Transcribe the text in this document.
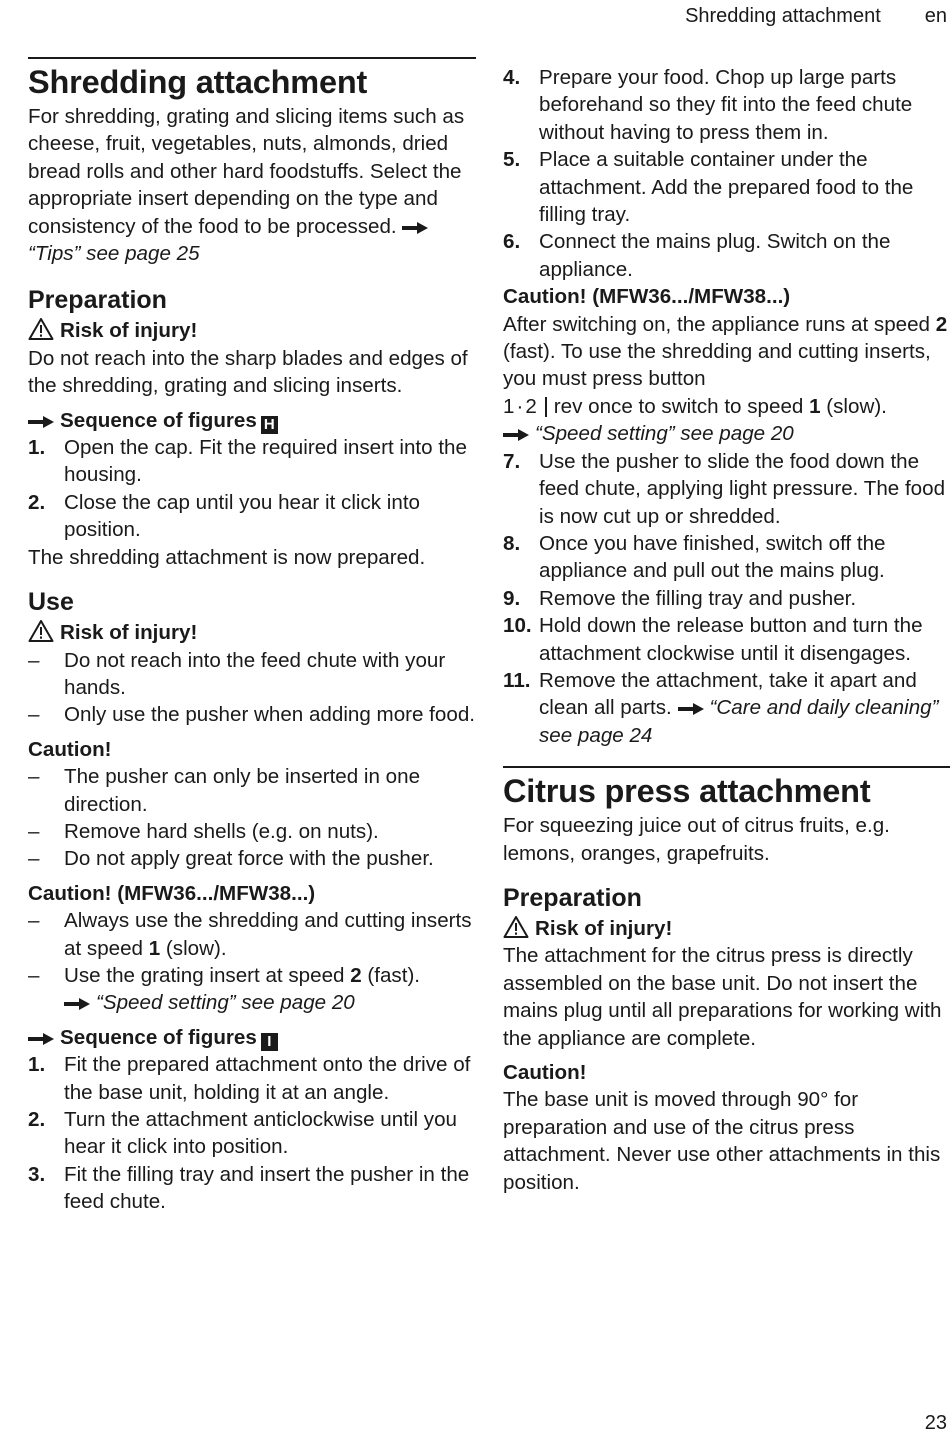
Shredding attachment en
Shredding attachment

For shredding, grating and slicing items such as cheese, fruit, vegetables, nuts, almonds, dried bread rolls and other hard foodstuffs. Select the appropriate insert depending on the type and consistency of the food to be processed. “Tips” see page 25

Preparation

Risk of injury!

Do not reach into the sharp blades and edges of the shredding, grating and slicing inserts.

Sequence of figures H

1. Open the cap. Fit the required insert into the housing.
2. Close the cap until you hear it click into position.

The shredding attachment is now prepared.

Use

Risk of injury!

–	Do not reach into the feed chute with your hands.
–	Only use the pusher when adding more food.

Caution!

–	The pusher can only be inserted in one direction.
–	Remove hard shells (e.g. on nuts).
–	Do not apply great force with the pusher.

Caution! (MFW36.../MFW38...)

–	Always use the shredding and cutting inserts at speed 1 (slow).
–	Use the grating insert at speed 2 (fast).
“Speed setting” see page 20

Sequence of figures I

1. Fit the prepared attachment onto the drive of the base unit, holding it at an angle.
2. Turn the attachment anticlockwise until you hear it click into position.
3. Fit the filling tray and insert the pusher in the feed chute.
4. Prepare your food. Chop up large parts beforehand so they fit into the feed chute without having to press them in.
5. Place a suitable container under the attachment. Add the prepared food to the filling tray.
6. Connect the mains plug. Switch on the appliance.

Caution! (MFW36.../MFW38...)

After switching on, the appliance runs at speed 2 (fast). To use the shredding and cutting inserts, you must press button

1 · 2 rev once to switch to speed 1 (slow).
“Speed setting” see page 20

7. Use the pusher to slide the food down the feed chute, applying light pressure. The food is now cut up or shredded.
8. Once you have finished, switch off the appliance and pull out the mains plug.
9. Remove the filling tray and pusher.
10. Hold down the release button and turn the attachment clockwise until it disengages.
11. Remove the attachment, take it apart and clean all parts. “Care and daily cleaning” see page 24
Citrus press attachment

For squeezing juice out of citrus fruits, e.g. lemons, oranges, grapefruits.

Preparation

Risk of injury!

The attachment for the citrus press is directly assembled on the base unit. Do not insert the mains plug until all preparations for working with the appliance are complete.

Caution!

The base unit is moved through 90° for preparation and use of the citrus press attachment. Never use other attachments in this position.

23
